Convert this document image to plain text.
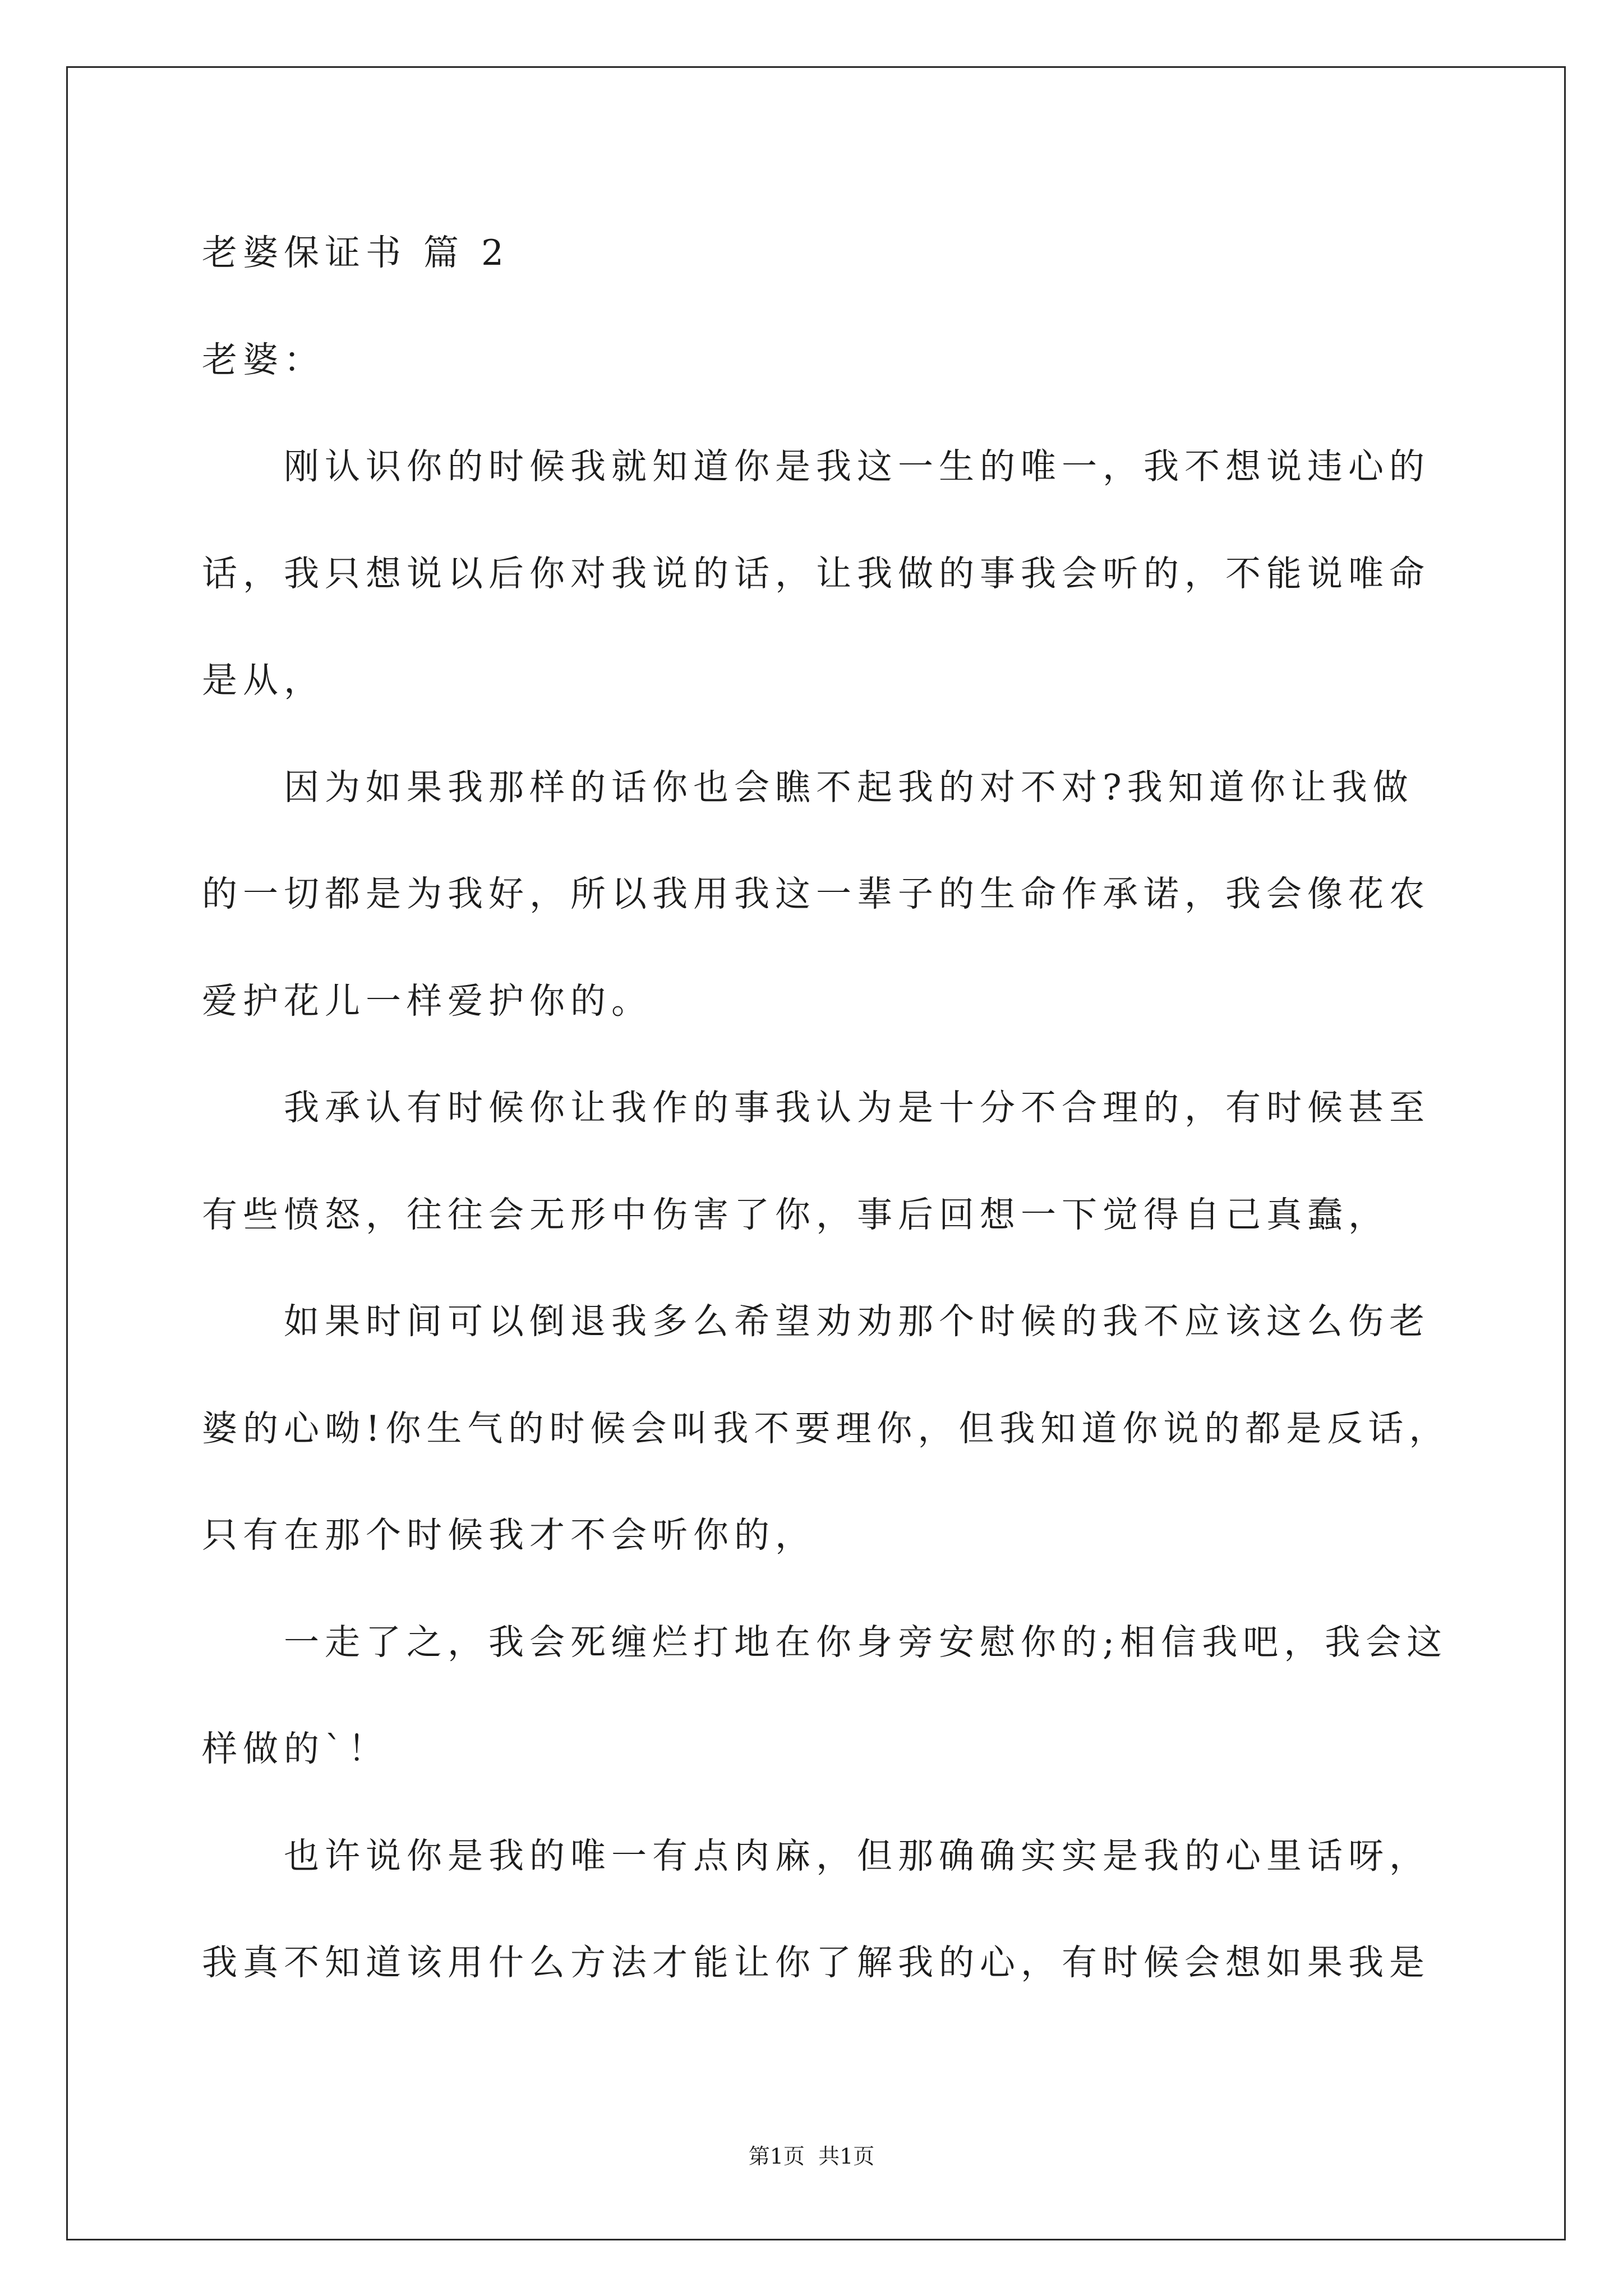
老婆保证书 篇 2
老婆：
刚认识你的时候我就知道你是我这一生的唯一，我不想说违心的
话，我只想说以后你对我说的话，让我做的事我会听的，不能说唯命
是从，
因为如果我那样的话你也会瞧不起我的对不对?我知道你让我做
的一切都是为我好，所以我用我这一辈子的生命作承诺，我会像花农
爱护花儿一样爱护你的。
我承认有时候你让我作的事我认为是十分不合理的，有时候甚至
有些愤怒，往往会无形中伤害了你，事后回想一下觉得自己真蠢，
如果时间可以倒退我多么希望劝劝那个时候的我不应该这么伤老
婆的心呦!你生气的时候会叫我不要理你，但我知道你说的都是反话，
只有在那个时候我才不会听你的，
一走了之，我会死缠烂打地在你身旁安慰你的;相信我吧，我会这
样做的`！
也许说你是我的唯一有点肉麻，但那确确实实是我的心里话呀，
我真不知道该用什么方法才能让你了解我的心，有时候会想如果我是
第1页  共1页
